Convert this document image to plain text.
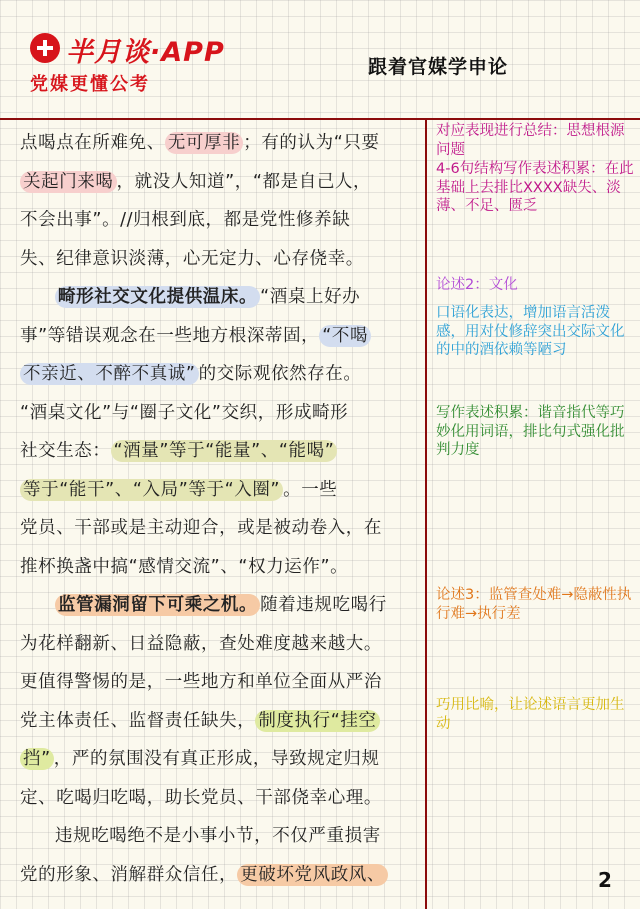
半月谈·APP
党媒更懂公考
跟着官媒学申论

点喝点在所难免、 无可厚非 ；有的认为“只要

关起门来喝 ，就没人知道”，“都是自己人，

不会出事”。//归根到底，都是党性修养缺

失、纪律意识淡薄，心无定力、心存侥幸。

畸形社交文化提供温床。 “酒桌上好办

事”等错误观念在一些地方根深蒂固， “不喝

不亲近、不醉不真诚” 的交际观依然存在。

“酒桌文化”与“圈子文化”交织，形成畸形

社交生态： “酒量”等于“能量”、“能喝”

等于“能干”、“入局”等于“入圈” 。一些

党员、干部或是主动迎合，或是被动卷入，在

推杯换盏中搞“感情交流”、“权力运作”。

监管漏洞留下可乘之机。 随着违规吃喝行

为花样翻新、日益隐蔽，查处难度越来越大。

更值得警惕的是，一些地方和单位全面从严治

党主体责任、监督责任缺失， 制度执行“挂空

挡” ，严的氛围没有真正形成，导致规定归规

定、吃喝归吃喝，助长党员、干部侥幸心理。

违规吃喝绝不是小事小节，不仅严重损害

党的形象、消解群众信任， 更破坏党风政风、

对应表现进行总结：思想根源问题
4-6句结构写作表述积累：在此基础上去排比XXXX缺失、淡薄、不足、匮乏
论述2：文化
口语化表达，增加语言活泼感，用对仗修辞突出交际文化的中的酒依赖等陋习
写作表述积累：谐音指代等巧妙化用词语，排比句式强化批判力度
论述3：监管查处难→隐蔽性执行难→执行差
巧用比喻，让论述语言更加生动
2
